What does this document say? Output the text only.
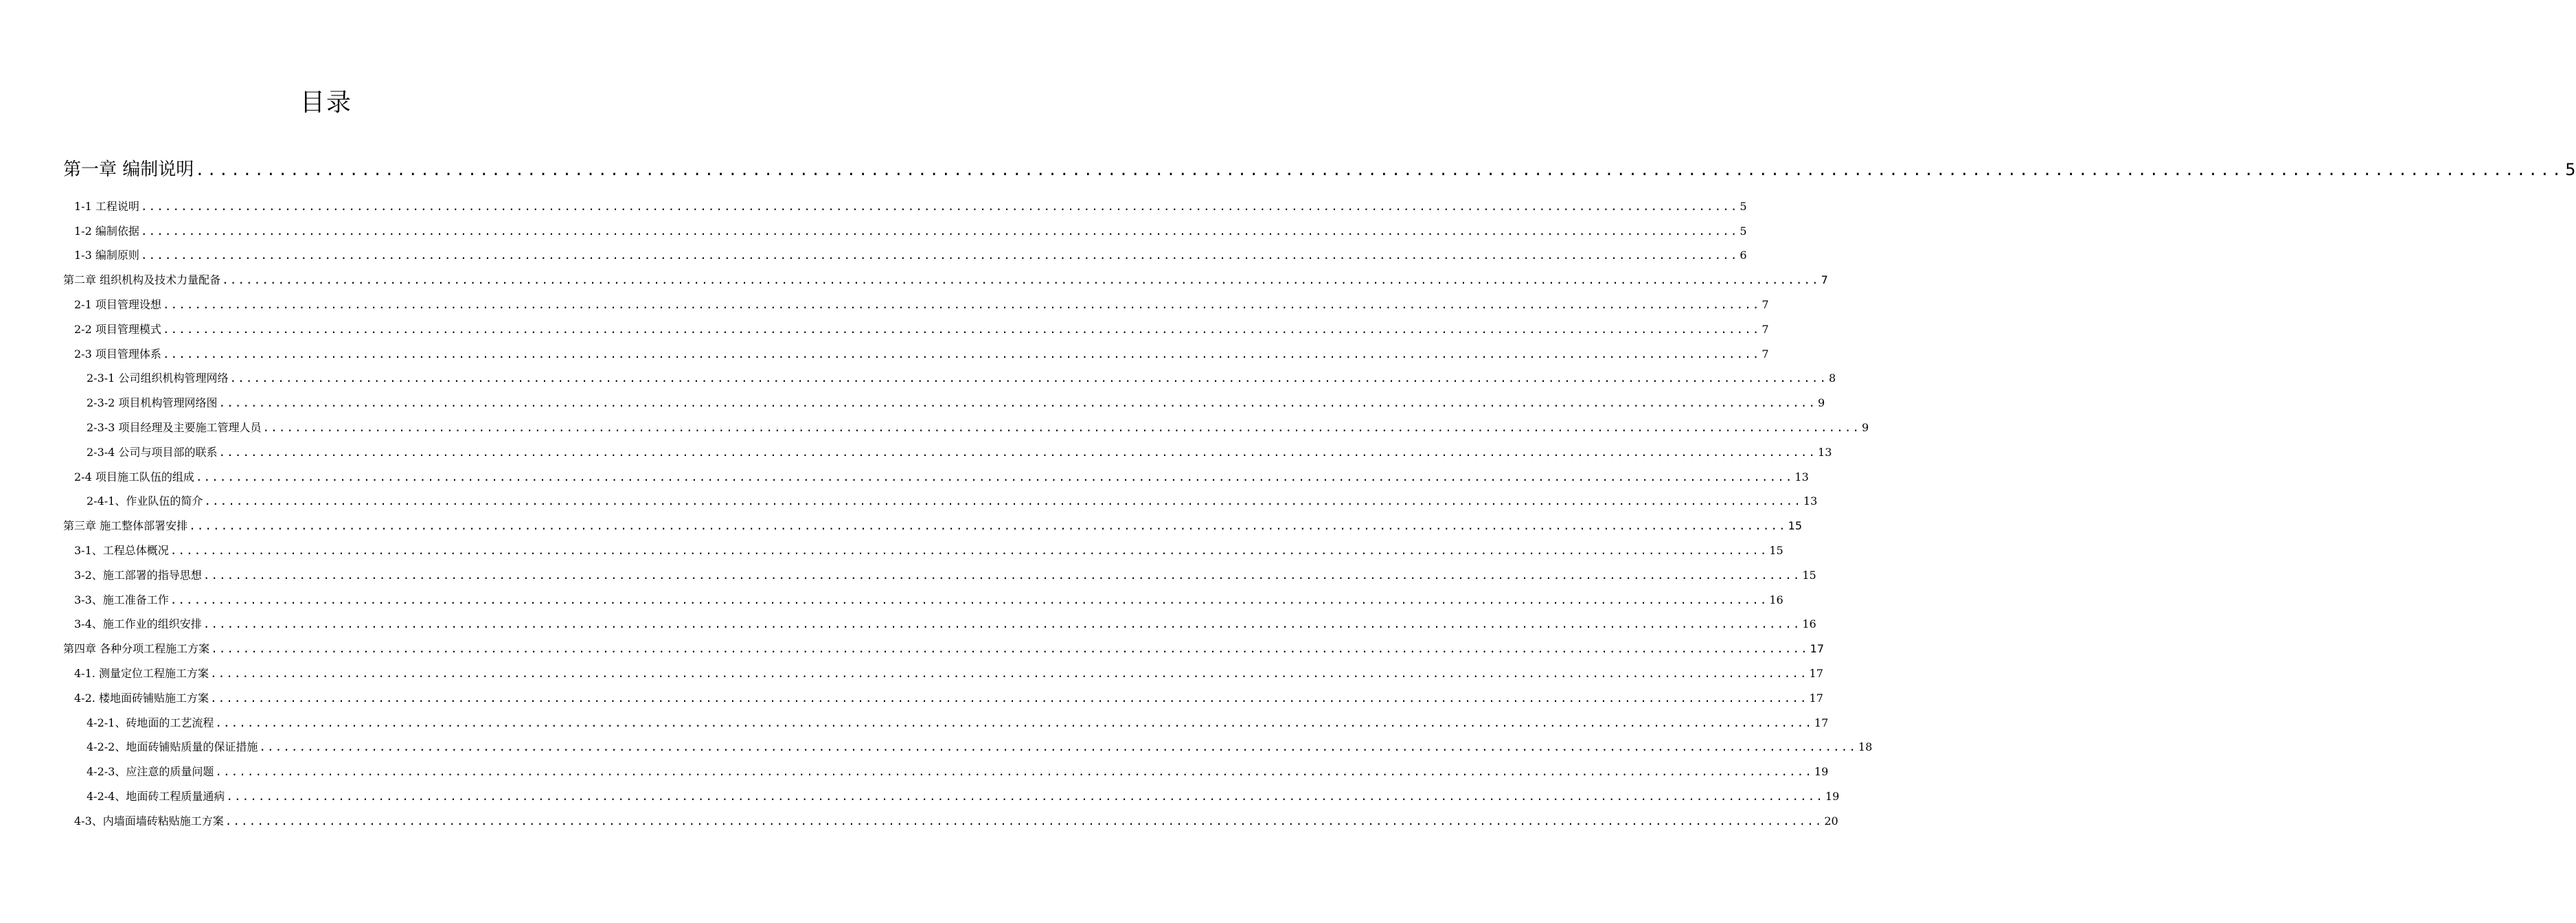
目录
第一章 编制说明 ........................................................................................................................................................................................................ 5
1-1 工程说明 ........................................................................................................................................................................................................ 5
1-2 编制依据 ........................................................................................................................................................................................................ 5
1-3 编制原则 ........................................................................................................................................................................................................ 6
第二章 组织机构及技术力量配备 ........................................................................................................................................................................................................ 7
2-1 项目管理设想 ........................................................................................................................................................................................................ 7
2-2 项目管理模式 ........................................................................................................................................................................................................ 7
2-3 项目管理体系 ........................................................................................................................................................................................................ 7
2-3-1 公司组织机构管理网络 ........................................................................................................................................................................................................ 8
2-3-2 项目机构管理网络图 ........................................................................................................................................................................................................ 9
2-3-3 项目经理及主要施工管理人员 ........................................................................................................................................................................................................ 9
2-3-4 公司与项目部的联系 ........................................................................................................................................................................................................ 13
2-4 项目施工队伍的组成 ........................................................................................................................................................................................................ 13
2-4-1、作业队伍的简介 ........................................................................................................................................................................................................ 13
第三章 施工整体部署安排 ........................................................................................................................................................................................................ 15
3-1、工程总体概况 ........................................................................................................................................................................................................ 15
3-2、施工部署的指导思想 ........................................................................................................................................................................................................ 15
3-3、施工准备工作 ........................................................................................................................................................................................................ 16
3-4、施工作业的组织安排 ........................................................................................................................................................................................................ 16
第四章 各种分项工程施工方案 ........................................................................................................................................................................................................ 17
4-1. 测量定位工程施工方案 ........................................................................................................................................................................................................ 17
4-2. 楼地面砖铺贴施工方案 ........................................................................................................................................................................................................ 17
4-2-1、砖地面的工艺流程 ........................................................................................................................................................................................................ 17
4-2-2、地面砖铺贴质量的保证措施 ........................................................................................................................................................................................................ 18
4-2-3、应注意的质量问题 ........................................................................................................................................................................................................ 19
4-2-4、地面砖工程质量通病 ........................................................................................................................................................................................................ 19
4-3、内墙面墙砖粘贴施工方案 ........................................................................................................................................................................................................ 20
